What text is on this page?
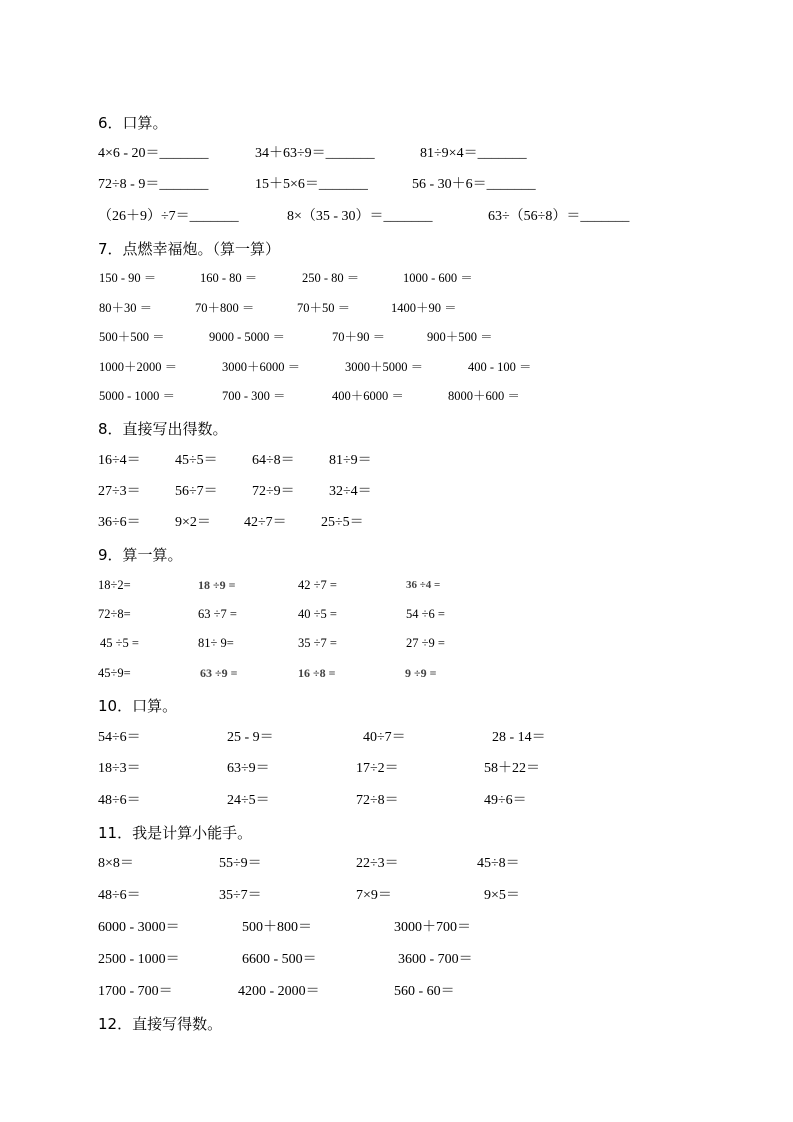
6．口算。
4×6 - 20＝_______	34＋63÷9＝_______	81÷9×4＝_______
72÷8 - 9＝_______	15＋5×6＝_______	56 - 30＋6＝_______
（26＋9）÷7＝_______	8×（35 - 30）＝_______	63÷（56÷8）＝_______
7．点燃幸福炮。（算一算）
150 - 90 ＝	160 - 80 ＝	250 - 80 ＝	1000 - 600 ＝
80＋30 ＝	70＋800 ＝	70＋50 ＝	1400＋90 ＝
500＋500 ＝	9000 - 5000 ＝	70＋90 ＝	900＋500 ＝
1000＋2000 ＝	3000＋6000 ＝	3000＋5000 ＝	400 - 100 ＝
5000 - 1000 ＝	700 - 300 ＝	400＋6000 ＝	8000＋600 ＝
8．直接写出得数。
16÷4＝ 45÷5＝ 64÷8＝ 81÷9＝
27÷3＝ 56÷7＝ 72÷9＝ 32÷4＝
36÷6＝ 9×2＝ 42÷7＝ 25÷5＝
9．算一算。
18÷2=	18 ÷9 =	42 ÷7 =	36 ÷4 =
72÷8=	63 ÷7 =	40 ÷5 =	54 ÷6 =
45 ÷5 =	81÷ 9=	35 ÷7 =	27 ÷9 =
45÷9=	63 ÷9 =	16 ÷8 =	9 ÷9 =
10．口算。
54÷6＝	25 - 9＝	40÷7＝	28 - 14＝
18÷3＝	63÷9＝	17÷2＝	58＋22＝
48÷6＝	24÷5＝	72÷8＝	49÷6＝
11．我是计算小能手。
8×8＝	55÷9＝	22÷3＝	45÷8＝
48÷6＝	35÷7＝	7×9＝	9×5＝
6000 - 3000＝	500＋800＝	3000＋700＝
2500 - 1000＝	6600 - 500＝	3600 - 700＝
1700 - 700＝	4200 - 2000＝	560 - 60＝
12．直接写得数。
